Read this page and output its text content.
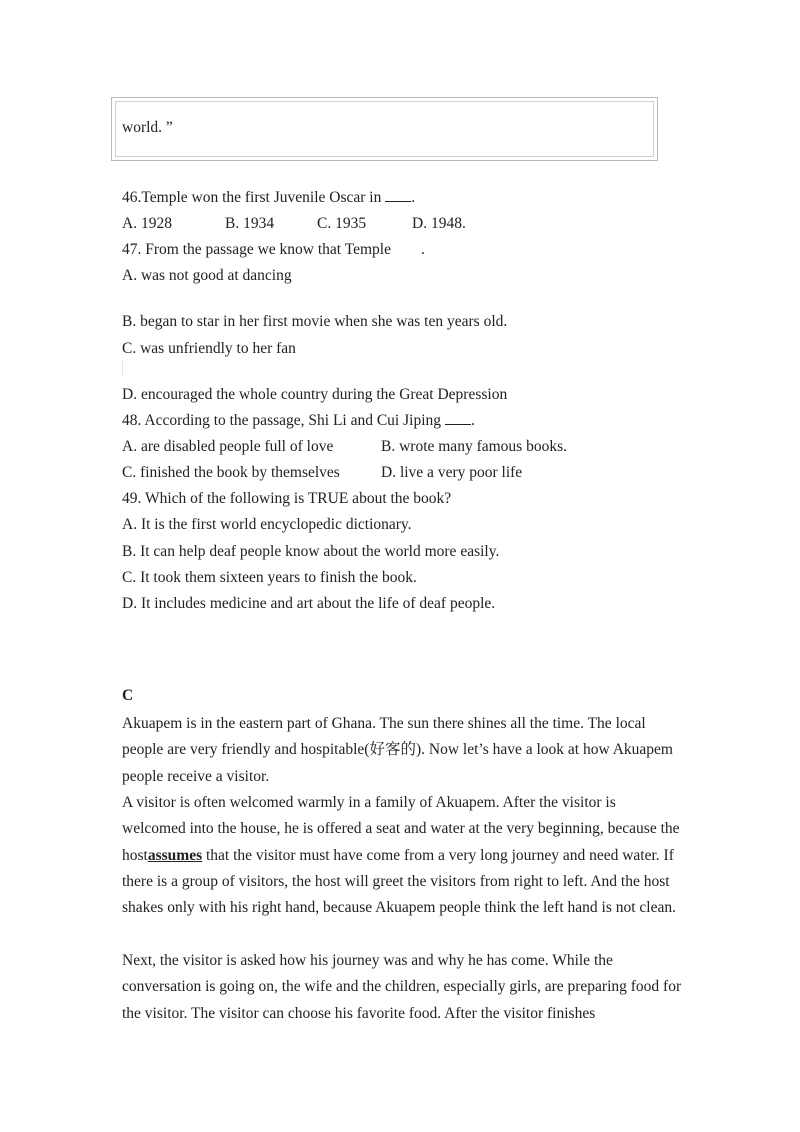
world. ”
46.Temple won the first Juvenile Oscar in .
A. 1928	B. 1934	C. 1935	D. 1948.
47. From the passage we know that Temple .
A. was not good at dancing
B. began to star in her first movie when she was ten years old.
C. was unfriendly to her fan
D. encouraged the whole country during the Great Depression
48. According to the passage, Shi Li and Cui Jiping .
A. are disabled people full of love	B. wrote many famous books.
C. finished the book by themselves	D. live a very poor life
49. Which of the following is TRUE about the book?
A. It is the first world encyclopedic dictionary.
B. It can help deaf people know about the world more easily.
C. It took them sixteen years to finish the book.
D. It includes medicine and art about the life of deaf people.
C
Akuapem is in the eastern part of Ghana. The sun there shines all the time. The local people are very friendly and hospitable(好客的). Now let’s have a look at how Akuapem people receive a visitor.
A visitor is often welcomed warmly in a family of Akuapem. After the visitor is welcomed into the house, he is offered a seat and water at the very beginning, because the hostassumes that the visitor must have come from a very long journey and need water. If there is a group of visitors, the host will greet the visitors from right to left. And the host shakes only with his right hand, because Akuapem people think the left hand is not clean.
Next, the visitor is asked how his journey was and why he has come. While the conversation is going on, the wife and the children, especially girls, are preparing food for the visitor. The visitor can choose his favorite food. After the visitor finishes
